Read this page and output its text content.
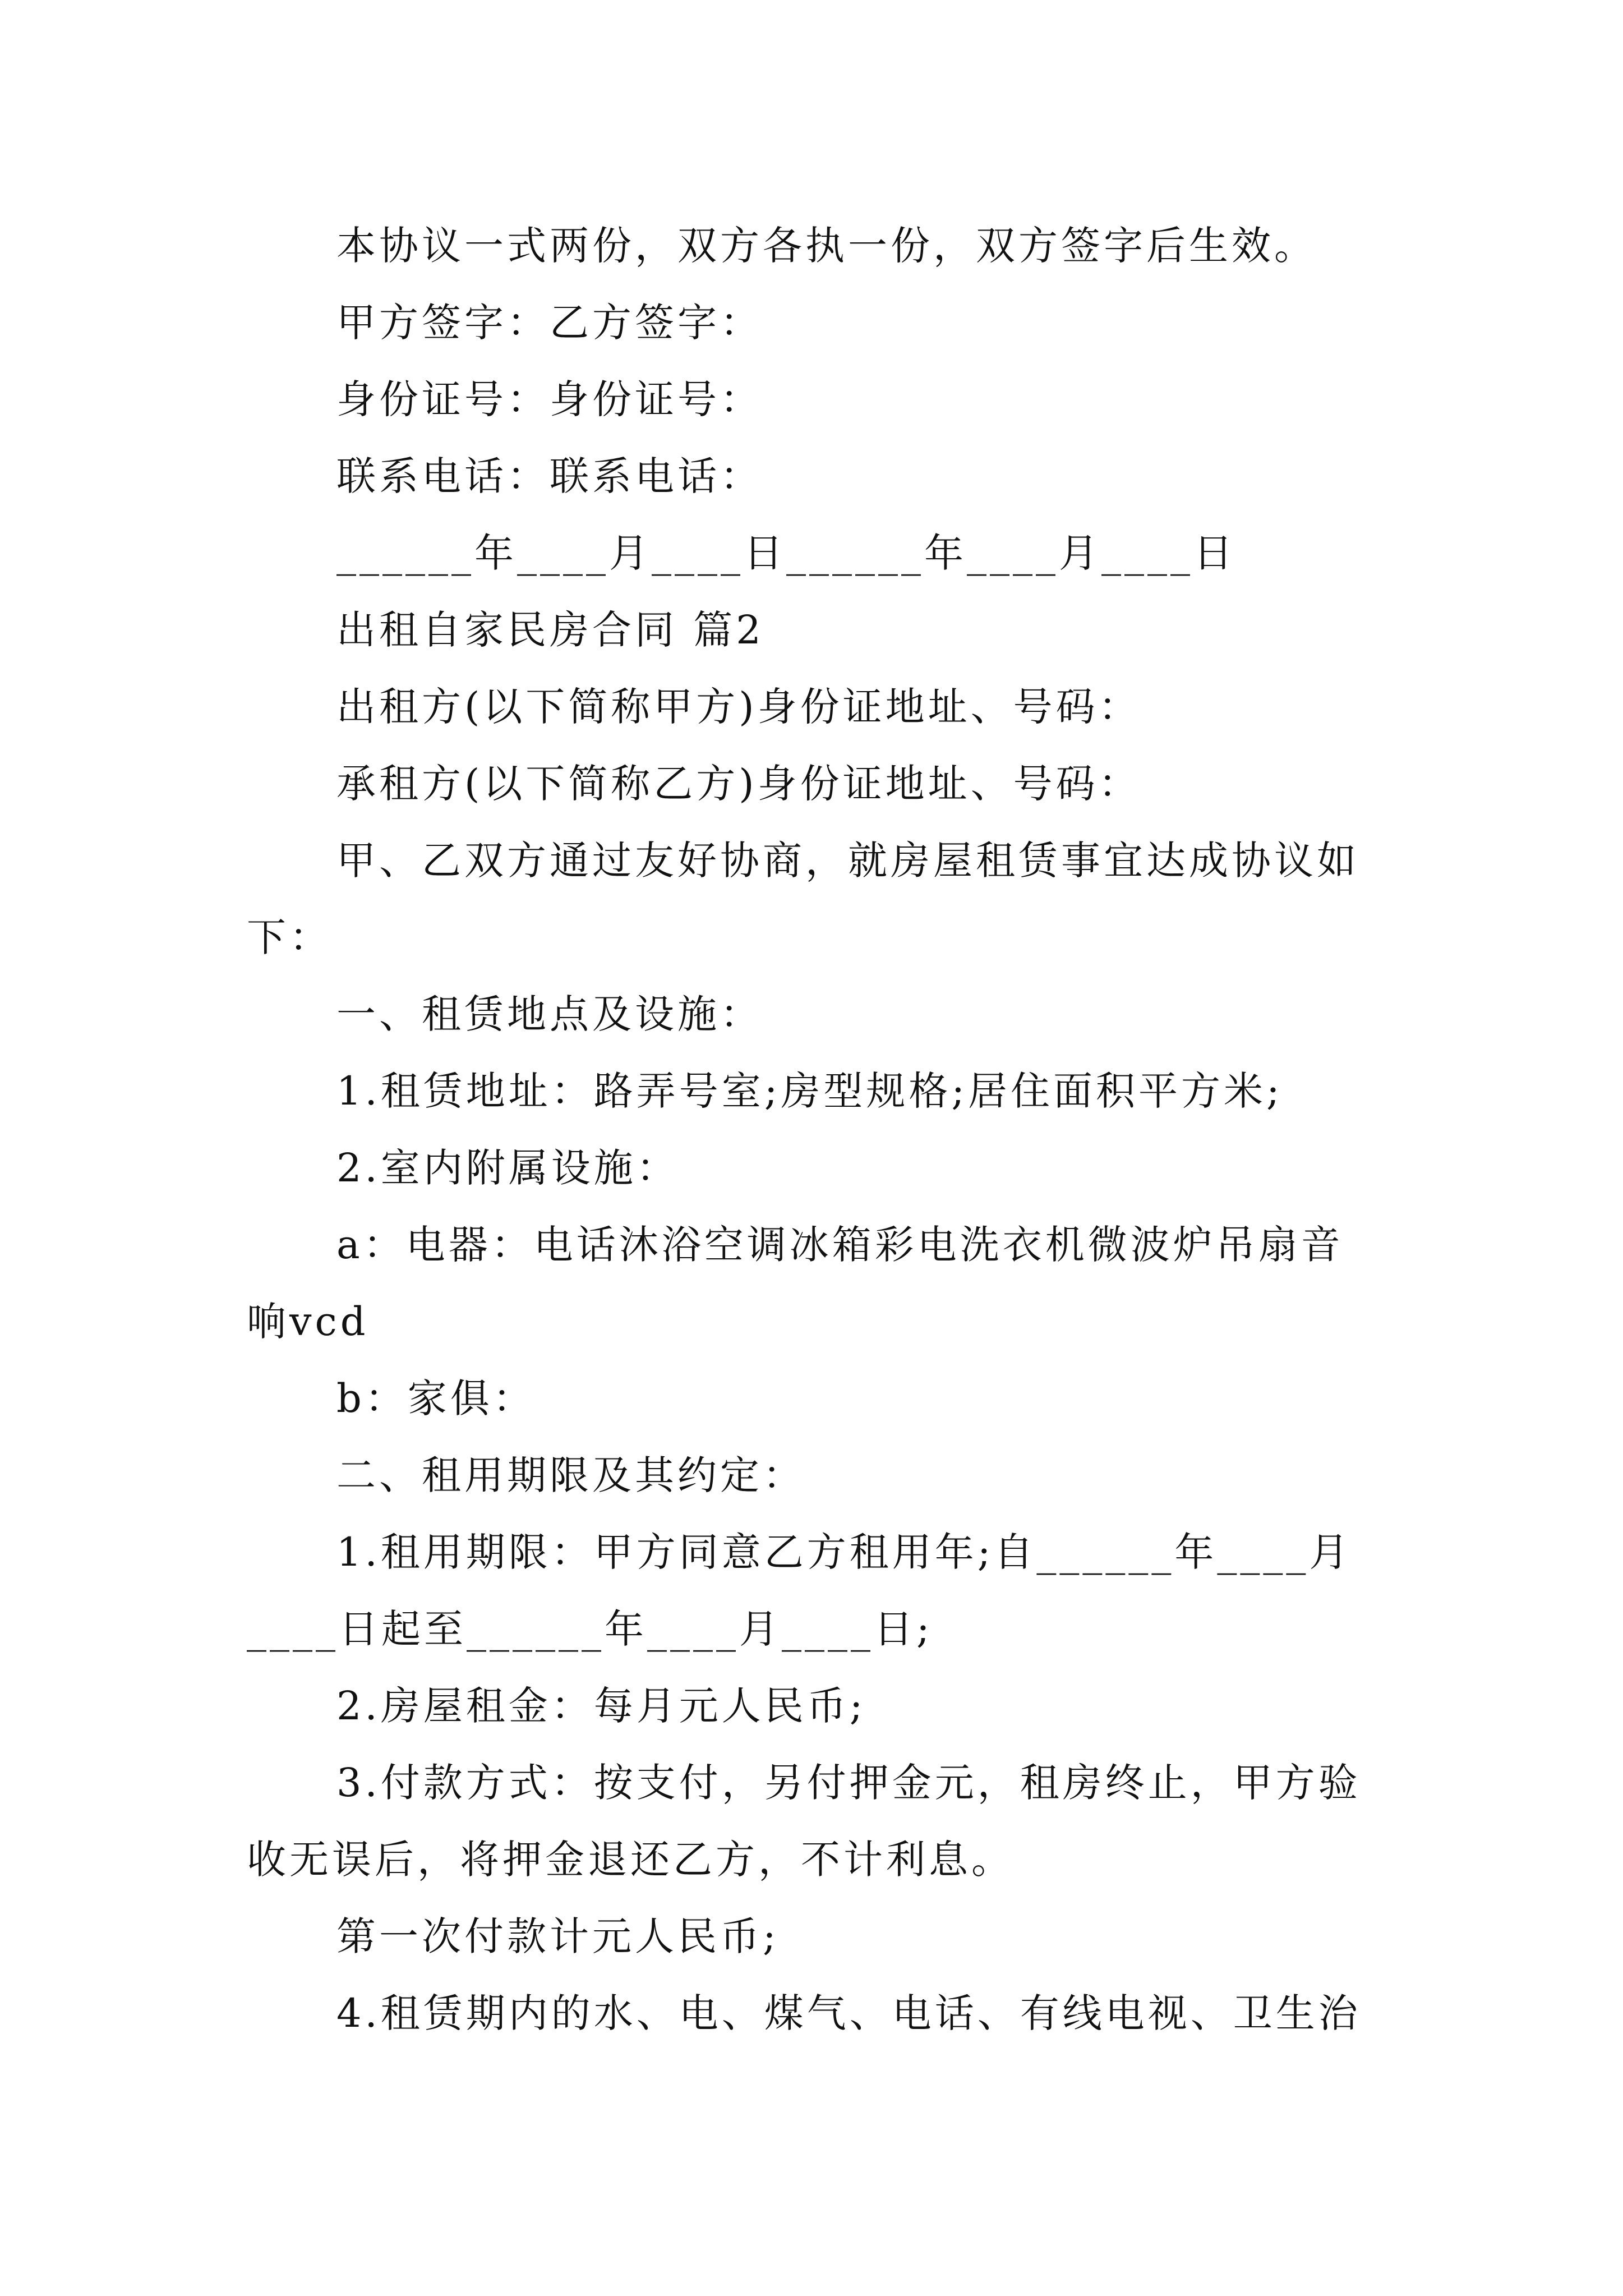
本协议一式两份，双方各执一份，双方签字后生效。
甲方签字：乙方签字：
身份证号：身份证号：
联系电话：联系电话：
______年____月____日______年____月____日
出租自家民房合同 篇2
出租方(以下简称甲方)身份证地址、号码：
承租方(以下简称乙方)身份证地址、号码：
甲、乙双方通过友好协商，就房屋租赁事宜达成协议如
下：
一、租赁地点及设施：
1.租赁地址：路弄号室;房型规格;居住面积平方米;
2.室内附属设施：
a：电器：电话沐浴空调冰箱彩电洗衣机微波炉吊扇音
响vcd
b：家俱：
二、租用期限及其约定：
1.租用期限：甲方同意乙方租用年;自______年____月
____日起至______年____月____日;
2.房屋租金：每月元人民币;
3.付款方式：按支付，另付押金元，租房终止，甲方验
收无误后，将押金退还乙方，不计利息。
第一次付款计元人民币;
4.租赁期内的水、电、煤气、电话、有线电视、卫生治
